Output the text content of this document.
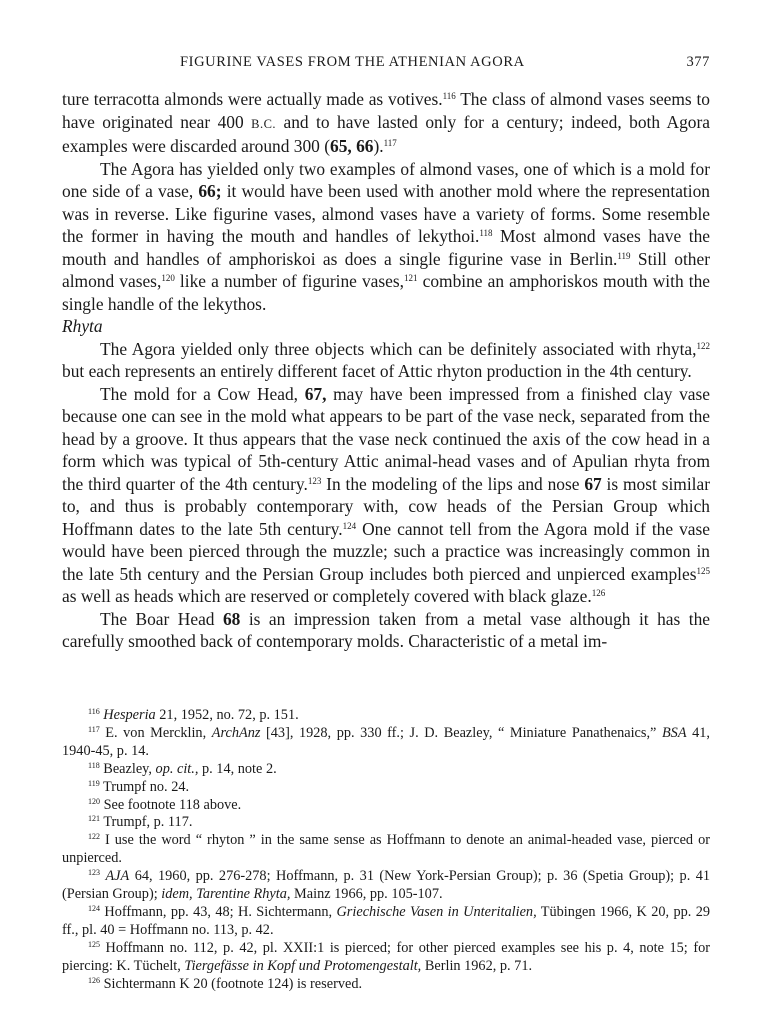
FIGURINE VASES FROM THE ATHENIAN AGORA	377

ture terracotta almonds were actually made as votives.$^{116}$ The class of almond vases seems to have originated near 400 B.C. and to have lasted only for a century; indeed, both Agora examples were discarded around 300 (65, 66).$^{117}$

The Agora has yielded only two examples of almond vases, one of which is a mold for one side of a vase, 66; it would have been used with another mold where the representation was in reverse. Like figurine vases, almond vases have a variety of forms. Some resemble the former in having the mouth and handles of lekythoi.$^{118}$ Most almond vases have the mouth and handles of amphoriskoi as does a single figurine vase in Berlin.$^{119}$ Still other almond vases,$^{120}$ like a number of figurine vases,$^{121}$ combine an amphoriskos mouth with the single handle of the lekythos.

Rhyta

The Agora yielded only three objects which can be definitely associated with rhyta,$^{122}$ but each represents an entirely different facet of Attic rhyton production in the 4th century.

The mold for a Cow Head, 67, may have been impressed from a finished clay vase because one can see in the mold what appears to be part of the vase neck, separated from the head by a groove. It thus appears that the vase neck continued the axis of the cow head in a form which was typical of 5th-century Attic animal-head vases and of Apulian rhyta from the third quarter of the 4th century.$^{123}$ In the modeling of the lips and nose 67 is most similar to, and thus is probably contemporary with, cow heads of the Persian Group which Hoffmann dates to the late 5th century.$^{124}$ One cannot tell from the Agora mold if the vase would have been pierced through the muzzle; such a practice was increasingly common in the late 5th century and the Persian Group includes both pierced and unpierced examples$^{125}$ as well as heads which are reserved or completely covered with black glaze.$^{126}$

The Boar Head 68 is an impression taken from a metal vase although it has the carefully smoothed back of contemporary molds. Characteristic of a metal im-

$^{116}$ Hesperia 21, 1952, no. 72, p. 151.

$^{117}$ E. von Mercklin, ArchAnz [43], 1928, pp. 330 ff.; J. D. Beazley, “ Miniature Panathenaics,” BSA 41, 1940-45, p. 14.

$^{118}$ Beazley, op. cit., p. 14, note 2.

$^{119}$ Trumpf no. 24.

$^{120}$ See footnote 118 above.

$^{121}$ Trumpf, p. 117.

$^{122}$ I use the word “ rhyton ” in the same sense as Hoffmann to denote an animal-headed vase, pierced or unpierced.

$^{123}$ AJA 64, 1960, pp. 276-278; Hoffmann, p. 31 (New York-Persian Group); p. 36 (Spetia Group); p. 41 (Persian Group); idem, Tarentine Rhyta, Mainz 1966, pp. 105-107.

$^{124}$ Hoffmann, pp. 43, 48; H. Sichtermann, Griechische Vasen in Unteritalien, Tübingen 1966, K 20, pp. 29 ff., pl. 40 = Hoffmann no. 113, p. 42.

$^{125}$ Hoffmann no. 112, p. 42, pl. XXII:1 is pierced; for other pierced examples see his p. 4, note 15; for piercing: K. Tüchelt, Tiergefässe in Kopf und Protomengestalt, Berlin 1962, p. 71.

$^{126}$ Sichtermann K 20 (footnote 124) is reserved.
